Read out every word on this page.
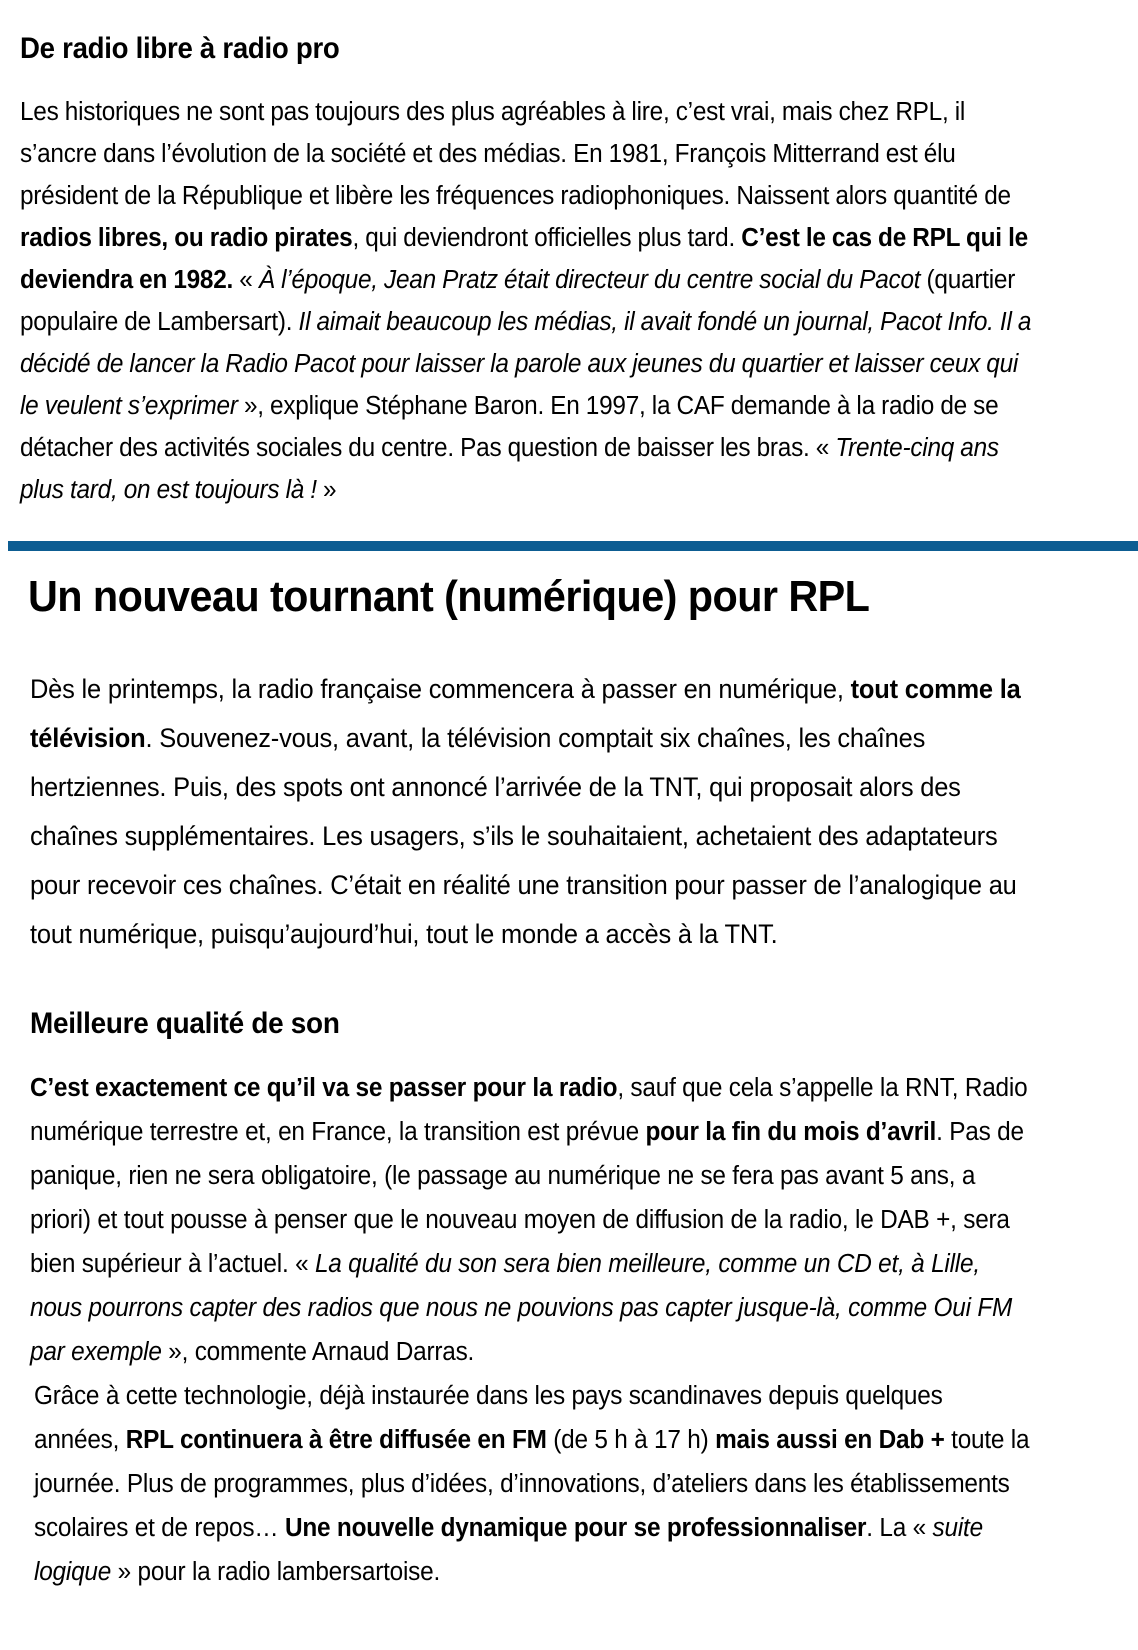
De radio libre à radio pro

Les historiques ne sont pas toujours des plus agréables à lire, c’est vrai, mais chez RPL, il s’ancre dans l’évolution de la société et des médias. En 1981, François Mitterrand est élu président de la République et libère les fréquences radiophoniques. Naissent alors quantité de radios libres, ou radio pirates, qui deviendront officielles plus tard. C’est le cas de RPL qui le deviendra en 1982. « À l’époque, Jean Pratz était directeur du centre social du Pacot (quartier populaire de Lambersart). Il aimait beaucoup les médias, il avait fondé un journal, Pacot Info. Il a décidé de lancer la Radio Pacot pour laisser la parole aux jeunes du quartier et laisser ceux qui le veulent s’exprimer », explique Stéphane Baron. En 1997, la CAF demande à la radio de se détacher des activités sociales du centre. Pas question de baisser les bras. « Trente-cinq ans plus tard, on est toujours là ! »

Un nouveau tournant (numérique) pour RPL

Dès le printemps, la radio française commencera à passer en numérique, tout comme la télévision. Souvenez-vous, avant, la télévision comptait six chaînes, les chaînes hertziennes. Puis, des spots ont annoncé l’arrivée de la TNT, qui proposait alors des chaînes supplémentaires. Les usagers, s’ils le souhaitaient, achetaient des adaptateurs pour recevoir ces chaînes. C’était en réalité une transition pour passer de l’analogique au tout numérique, puisqu’aujourd’hui, tout le monde a accès à la TNT.

Meilleure qualité de son

C’est exactement ce qu’il va se passer pour la radio, sauf que cela s’appelle la RNT, Radio numérique terrestre et, en France, la transition est prévue pour la fin du mois d’avril. Pas de panique, rien ne sera obligatoire, (le passage au numérique ne se fera pas avant 5 ans, a priori) et tout pousse à penser que le nouveau moyen de diffusion de la radio, le DAB +, sera bien supérieur à l’actuel. « La qualité du son sera bien meilleure, comme un CD et, à Lille, nous pourrons capter des radios que nous ne pouvions pas capter jusque-là, comme Oui FM par exemple », commente Arnaud Darras.

Grâce à cette technologie, déjà instaurée dans les pays scandinaves depuis quelques années, RPL continuera à être diffusée en FM (de 5 h à 17 h) mais aussi en Dab + toute la journée. Plus de programmes, plus d’idées, d’innovations, d’ateliers dans les établissements scolaires et de repos… Une nouvelle dynamique pour se professionnaliser. La « suite logique » pour la radio lambersartoise.
